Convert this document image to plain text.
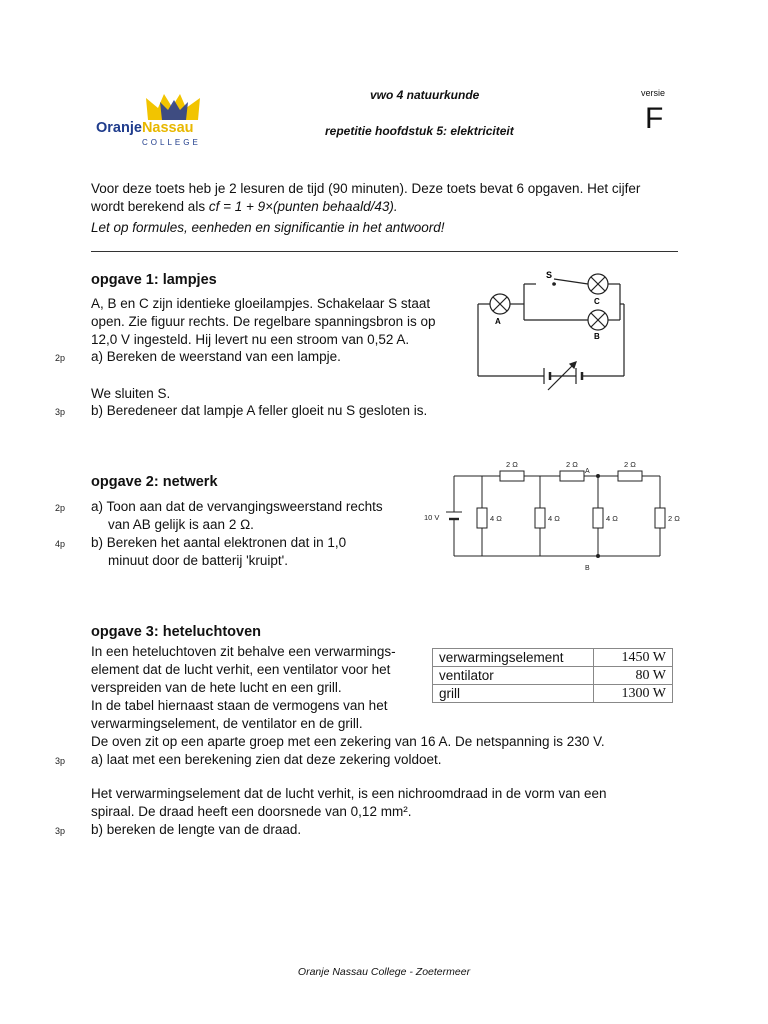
OranjeNassau
COLLEGE
vwo 4 natuurkunde
repetitie hoofdstuk 5: elektriciteit
versie
F
Voor deze toets heb je 2 lesuren de tijd (90 minuten). Deze toets bevat 6 opgaven. Het cijfer
wordt berekend als cf = 1 + 9×(punten behaald/43).
Let op formules, eenheden en significantie in het antwoord!
opgave 1: lampjes
A, B en C zijn identieke gloeilampjes. Schakelaar S staat
open. Zie figuur rechts. De regelbare spanningsbron is op
12,0 V ingesteld. Hij levert nu een stroom van 0,52 A.
2p a) Bereken de weerstand van een lampje.
We sluiten S.
3p b) Beredeneer dat lampje A feller gloeit nu S gesloten is.
S
A
C
B
opgave 2: netwerk
2p a) Toon aan dat de vervangingsweerstand rechts
van AB gelijk is aan 2 Ω.
4p b) Bereken het aantal elektronen dat in 1,0
minuut door de batterij 'kruipt'.
2 Ω	2 Ω	2 Ω
4 Ω	4 Ω	4 Ω	2 Ω
10 V
A
B
opgave 3: heteluchtoven
In een heteluchtoven zit behalve een verwarmings-
element dat de lucht verhit, een ventilator voor het
verspreiden van de hete lucht en een grill.
In de tabel hiernaast staan de vermogens van het
verwarmingselement, de ventilator en de grill.
De oven zit op een aparte groep met een zekering van 16 A. De netspanning is 230 V.
3p a) laat met een berekening zien dat deze zekering voldoet.
Het verwarmingselement dat de lucht verhit, is een nichroomdraad in de vorm van een
spiraal. De draad heeft een doorsnede van 0,12 mm².
3p b) bereken de lengte van de draad.
verwarmingselement	1450 W
ventilator	80 W
grill	1300 W
Oranje Nassau College - Zoetermeer
